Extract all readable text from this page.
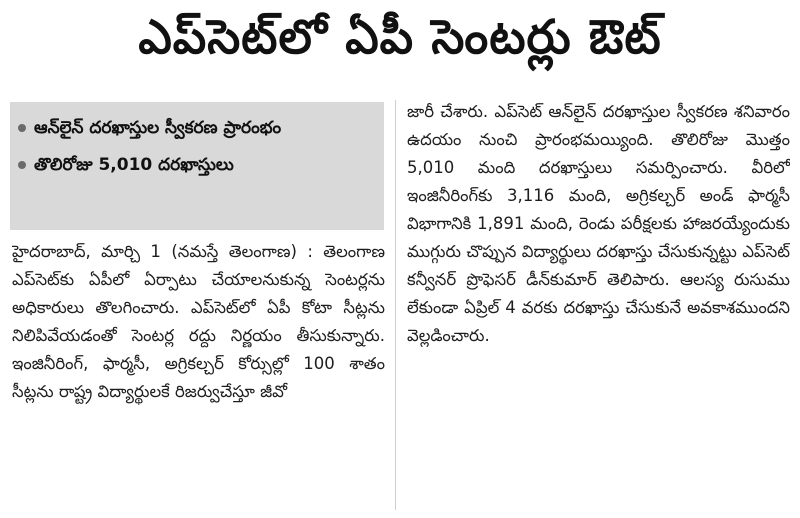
ఎప్‌సెట్‌లో ఏపీ సెంటర్లు ఔట్
ఆన్‌లైన్ దరఖాస్తుల స్వీకరణ ప్రారంభం
తొలిరోజు 5,010 దరఖాస్తులు
హైదరాబాద్, మార్చి 1 (నమస్తే తెలంగాణ) : తెలంగాణ ఎప్‌సెట్‌కు ఏపీలో ఏర్పాటు చేయాలనుకున్న సెంటర్లను అధికారులు తొలగించారు. ఎప్‌సెట్‌లో ఏపీ కోటా సీట్లను నిలిపివేయడంతో సెంటర్ల రద్దు నిర్ణయం తీసుకున్నారు. ఇంజినీరింగ్, ఫార్మసీ, అగ్రికల్చర్ కోర్సుల్లో 100 శాతం సీట్లను రాష్ట్ర విద్యార్థులకే రిజర్వుచేస్తూ జీవో
జారీ చేశారు. ఎప్‌సెట్ ఆన్‌లైన్ దరఖాస్తుల స్వీకరణ శనివారం ఉదయం నుంచి ప్రారంభమయ్యింది. తొలిరోజు మొత్తం 5,010 మంది దరఖాస్తులు సమర్పించారు. వీరిలో ఇంజినీరింగ్‌కు 3,116 మంది, అగ్రికల్చర్ అండ్ ఫార్మసీ విభాగానికి 1,891 మంది, రెండు పరీక్షలకు హాజరయ్యేందుకు ముగ్గురు చొప్పున విద్యార్థులు దరఖాస్తు చేసుకున్నట్టు ఎప్‌సెట్ కన్వీనర్ ప్రొఫెసర్ డీన్‌కుమార్ తెలిపారు. ఆలస్య రుసుము లేకుండా ఏప్రిల్ 4 వరకు దరఖాస్తు చేసుకునే అవకాశముందని వెల్లడించారు.
